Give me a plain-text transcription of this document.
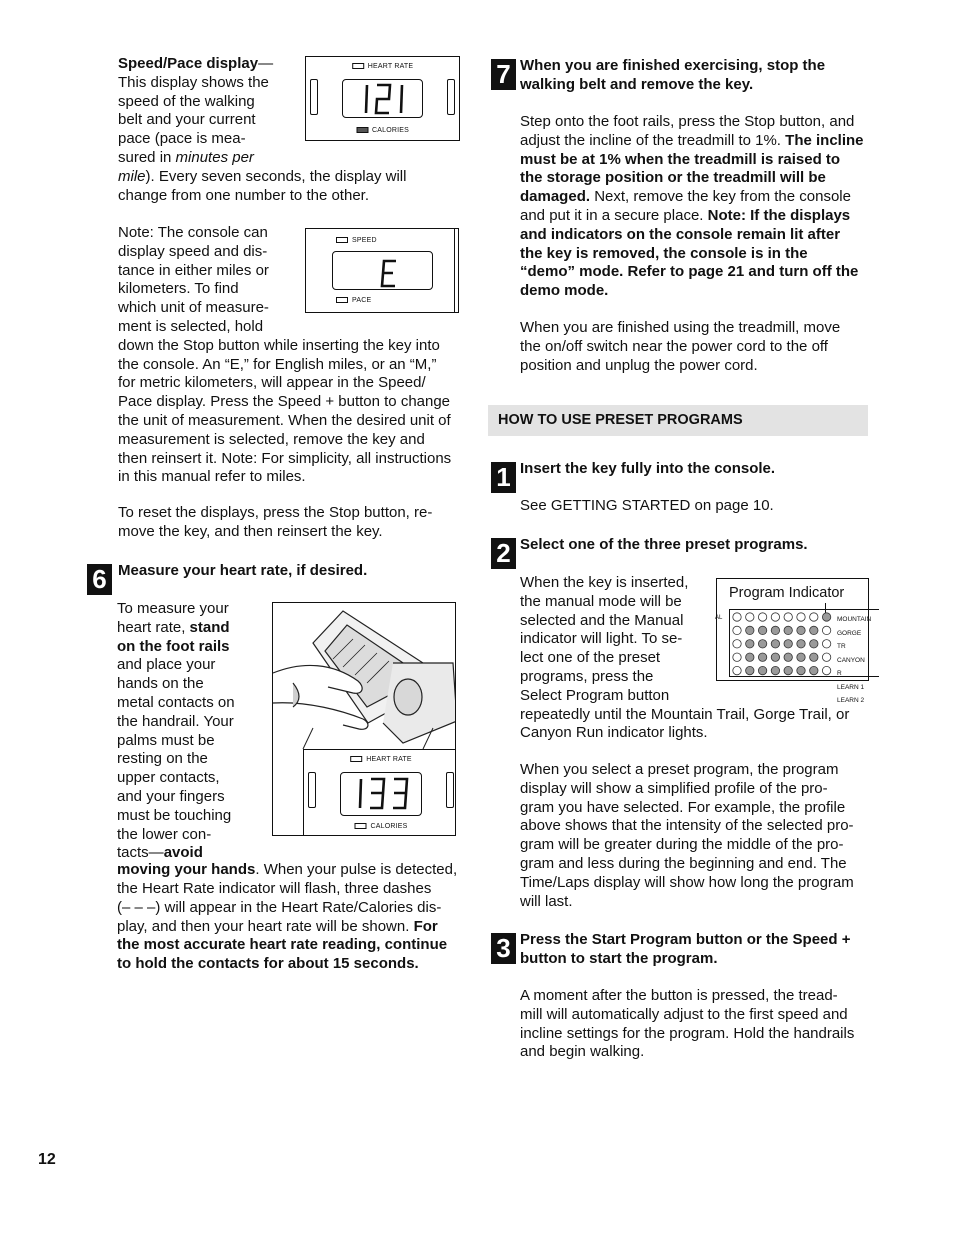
Speed/Pace display—

This display shows the

speed of the walking

belt and your current

pace (pace is mea-

sured in minutes per

mile). Every seven seconds, the display will

change from one number to the other.

Note: The console can

display speed and dis-

tance in either miles or

kilometers. To find

which unit of measure-

ment is selected, hold

down the Stop button while inserting the key into

the console. An “E,” for English miles, or an “M,”

for metric kilometers, will appear in the Speed/

Pace display. Press the Speed + button to change

the unit of measurement. When the desired unit of

measurement is selected, remove the key and

then reinsert it. Note: For simplicity, all instructions

in this manual refer to miles.

To reset the displays, press the Stop button, re-

move the key, and then reinsert the key.

6 Measure your heart rate, if desired.

To measure your

heart rate, stand

on the foot rails

and place your

hands on the

metal contacts on

the handrail. Your

palms must be

resting on the

upper contacts,

and your fingers

must be touching

the lower con-

tacts—avoid

moving your hands. When your pulse is detected,

the Heart Rate indicator will flash, three dashes

(– – –) will appear in the Heart Rate/Calories dis-

play, and then your heart rate will be shown. For

the most accurate heart rate reading, continue

to hold the contacts for about 15 seconds.

HEART RATE
CALORIES
SPEED
PACE
HEART RATE
CALORIES
7 When you are finished exercising, stop the

walking belt and remove the key.

Step onto the foot rails, press the Stop button, and

adjust the incline of the treadmill to 1%. The incline

must be at 1% when the treadmill is raised to

the storage position or the treadmill will be

damaged. Next, remove the key from the console

and put it in a secure place. Note: If the displays

and indicators on the console remain lit after

the key is removed, the console is in the

“demo” mode. Refer to page 21 and turn off the

demo mode.

When you are finished using the treadmill, move

the on/off switch near the power cord to the off

position and unplug the power cord.

HOW TO USE PRESET PROGRAMS
1 Insert the key fully into the console.

See GETTING STARTED on page 10.

2 Select one of the three preset programs.

When the key is inserted,

the manual mode will be

selected and the Manual

indicator will light. To se-

lect one of the preset

programs, press the

Select Program button

repeatedly until the Mountain Trail, Gorge Trail, or

Canyon Run indicator lights.

When you select a preset program, the program

display will show a simplified profile of the pro-

gram you have selected. For example, the profile

above shows that the intensity of the selected pro-

gram will be greater during the middle of the pro-

gram and less during the beginning and end. The

Time/Laps display will show how long the program

will last.

Program Indicator
AL	MOUNTAIN
GORGE TR
CANYON R
LEARN 1
LEARN 2
3 Press the Start Program button or the Speed +

button to start the program.

A moment after the button is pressed, the tread-

mill will automatically adjust to the first speed and

incline settings for the program. Hold the handrails

and begin walking.

12
